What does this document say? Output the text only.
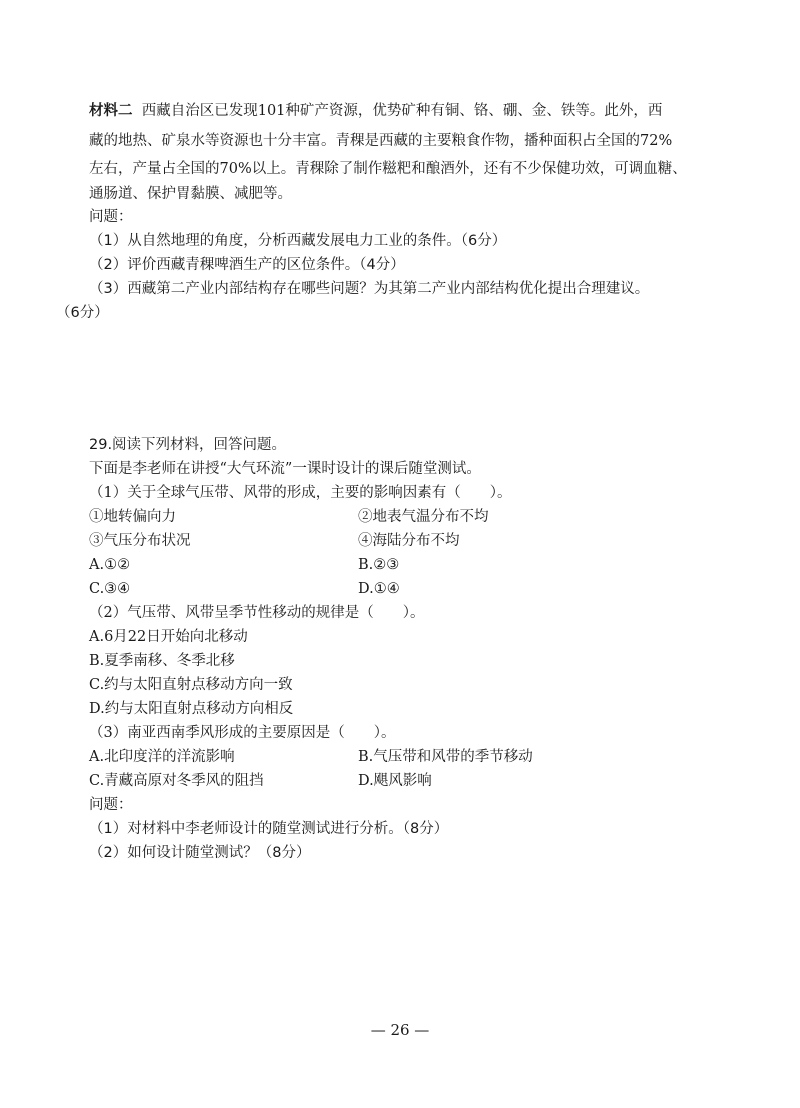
材料二 西藏自治区已发现101种矿产资源，优势矿种有铜、铬、硼、金、铁等。此外，西
藏的地热、矿泉水等资源也十分丰富。青稞是西藏的主要粮食作物，播种面积占全国的72%
左右，产量占全国的70%以上。青稞除了制作糍粑和酿酒外，还有不少保健功效，可调血糖、
通肠道、保护胃黏膜、减肥等。
问题：
（1）从自然地理的角度，分析西藏发展电力工业的条件。（6分）
（2）评价西藏青稞啤酒生产的区位条件。（4分）
（3）西藏第二产业内部结构存在哪些问题？为其第二产业内部结构优化提出合理建议。
（6分）
29.阅读下列材料，回答问题。
下面是李老师在讲授“大气环流”一课时设计的课后随堂测试。
（1）关于全球气压带、风带的形成，主要的影响因素有（　　）。
①地转偏向力	②地表气温分布不均
③气压分布状况	④海陆分布不均
A.①②	B.②③
C.③④	D.①④
（2）气压带、风带呈季节性移动的规律是（　　）。
A.6月22日开始向北移动
B.夏季南移、冬季北移
C.约与太阳直射点移动方向一致
D.约与太阳直射点移动方向相反
（3）南亚西南季风形成的主要原因是（　　）。
A.北印度洋的洋流影响	B.气压带和风带的季节移动
C.青藏高原对冬季风的阻挡	D.飓风影响
问题：
（1）对材料中李老师设计的随堂测试进行分析。（8分）
（2）如何设计随堂测试？（8分）
— 26 —
